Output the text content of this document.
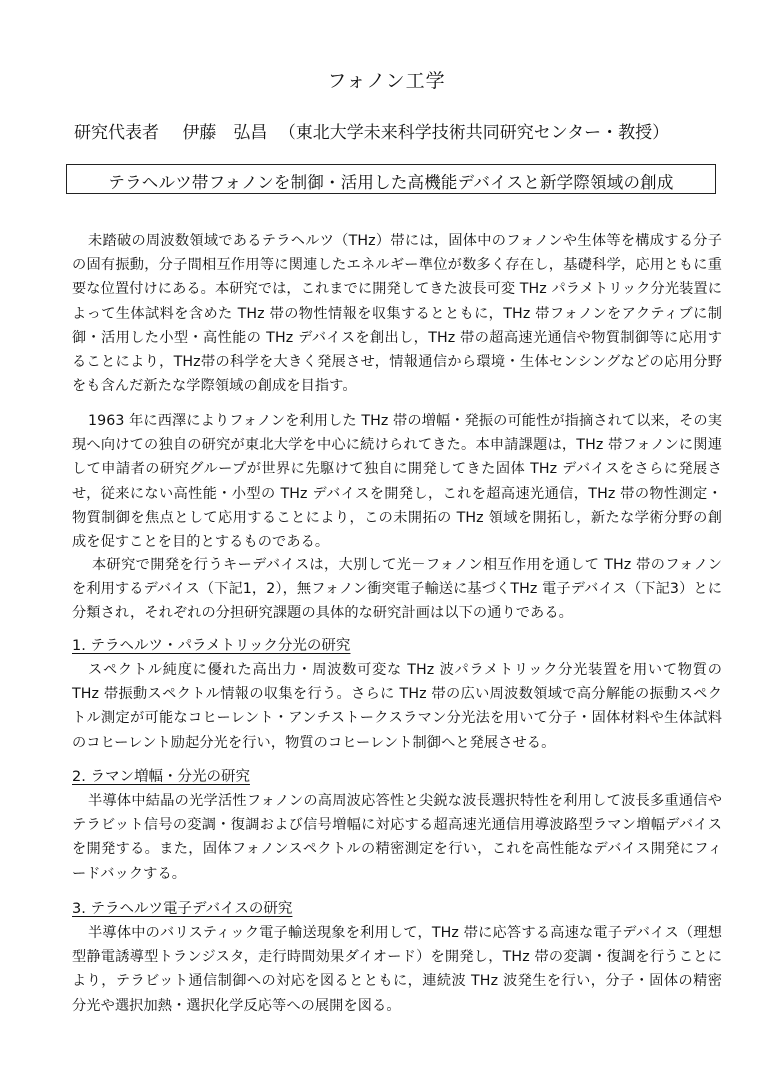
フォノン工学
研究代表者 伊藤　弘昌 （東北大学未来科学技術共同研究センター・教授）
テラヘルツ帯フォノンを制御・活用した高機能デバイスと新学際領域の創成
未踏破の周波数領域であるテラヘルツ（THz）帯には，固体中のフォノンや生体等を構成する分子の固有振動，分子間相互作用等に関連したエネルギー準位が数多く存在し，基礎科学，応用ともに重要な位置付けにある。本研究では，これまでに開発してきた波長可変 THz パラメトリック分光装置によって生体試料を含めた THz 帯の物性情報を収集するとともに，THz 帯フォノンをアクティブに制御・活用した小型・高性能の THz デバイスを創出し，THz 帯の超高速光通信や物質制御等に応用することにより，THz帯の科学を大きく発展させ，情報通信から環境・生体センシングなどの応用分野をも含んだ新たな学際領域の創成を目指す。
1963 年に西澤によりフォノンを利用した THz 帯の増幅・発振の可能性が指摘されて以来，その実現へ向けての独自の研究が東北大学を中心に続けられてきた。本申請課題は，THz 帯フォノンに関連して申請者の研究グループが世界に先駆けて独自に開発してきた固体 THz デバイスをさらに発展させ，従来にない高性能・小型の THz デバイスを開発し，これを超高速光通信，THz 帯の物性測定・物質制御を焦点として応用することにより，この未開拓の THz 領域を開拓し，新たな学術分野の創成を促すことを目的とするものである。
本研究で開発を行うキーデバイスは，大別して光－フォノン相互作用を通して THz 帯のフォノンを利用するデバイス（下記1，2），無フォノン衝突電子輸送に基づくTHz 電子デバイス（下記3）とに分類され，それぞれの分担研究課題の具体的な研究計画は以下の通りである。
1. テラヘルツ・パラメトリック分光の研究
スペクトル純度に優れた高出力・周波数可変な THz 波パラメトリック分光装置を用いて物質の THz 帯振動スペクトル情報の収集を行う。さらに THz 帯の広い周波数領域で高分解能の振動スペクトル測定が可能なコヒーレント・アンチストークスラマン分光法を用いて分子・固体材料や生体試料のコヒーレント励起分光を行い，物質のコヒーレント制御へと発展させる。
2. ラマン増幅・分光の研究
半導体中結晶の光学活性フォノンの高周波応答性と尖鋭な波長選択特性を利用して波長多重通信やテラビット信号の変調・復調および信号増幅に対応する超高速光通信用導波路型ラマン増幅デバイスを開発する。また，固体フォノンスペクトルの精密測定を行い，これを高性能なデバイス開発にフィードバックする。
3. テラヘルツ電子デバイスの研究
半導体中のバリスティック電子輸送現象を利用して，THz 帯に応答する高速な電子デバイス（理想型静電誘導型トランジスタ，走行時間効果ダイオード）を開発し，THz 帯の変調・復調を行うことにより，テラビット通信制御への対応を図るとともに，連続波 THz 波発生を行い，分子・固体の精密分光や選択加熱・選択化学反応等への展開を図る。
